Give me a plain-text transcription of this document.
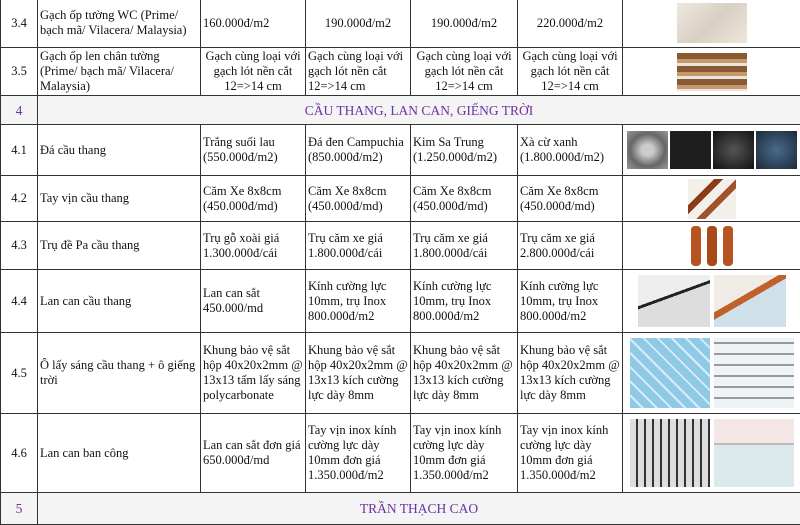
3.4	Gạch ốp tường WC (Prime/ bạch mã/ Vilacera/ Malaysia)	160.000đ/m2	190.000đ/m2	190.000đ/m2	220.000đ/m2	

3.5	Gạch ốp len chân tường (Prime/ bạch mã/ Vilacera/ Malaysia)	Gạch cùng loại với gạch lót nền cắt 12=>14 cm	Gạch cùng loại với gạch lót nền cắt 12=>14 cm	Gạch cùng loại với gạch lót nền cắt 12=>14 cm	Gạch cùng loại với gạch lót nền cắt 12=>14 cm	

4	CẦU THANG, LAN CAN, GIẾNG TRỜI					
4.1	Đá cầu thang	Trắng suối lau (550.000đ/m2)	Đá đen Campuchia (850.000đ/m2)	Kim Sa Trung (1.250.000đ/m2)	Xà cừ xanh (1.800.000đ/m2)	

4.2	Tay vịn cầu thang	Căm Xe 8x8cm (450.000đ/md)	Căm Xe 8x8cm (450.000đ/md)	Căm Xe 8x8cm (450.000đ/md)	Căm Xe 8x8cm (450.000đ/md)	

4.3	Trụ đề Pa cầu thang	Trụ gỗ xoài giá 1.300.000đ/cái	Trụ căm xe giá 1.800.000đ/cái	Trụ căm xe giá 1.800.000đ/cái	Trụ căm xe giá 2.800.000đ/cái	

4.4	Lan can cầu thang	Lan can sắt 450.000/md	Kính cường lực 10mm, trụ Inox 800.000đ/m2	Kính cường lực 10mm, trụ Inox 800.000đ/m2	Kính cường lực 10mm, trụ Inox 800.000đ/m2	

4.5	Ô lấy sáng cầu thang + ô giếng trời	Khung bảo vệ sắt hộp 40x20x2mm @ 13x13 tấm lấy sáng polycarbonate	Khung bảo vệ sắt hộp 40x20x2mm @ 13x13 kích cường lực dày 8mm	Khung bảo vệ sắt hộp 40x20x2mm @ 13x13 kích cường lực dày 8mm	Khung bảo vệ sắt hộp 40x20x2mm @ 13x13 kích cường lực dày 8mm	

4.6	Lan can ban công	Lan can sắt đơn giá 650.000đ/md	Tay vịn inox kính cường lực dày 10mm đơn giá 1.350.000đ/m2	Tay vịn inox kính cường lực dày 10mm đơn giá 1.350.000đ/m2	Tay vịn inox kính cường lực dày 10mm đơn giá 1.350.000đ/m2	

5	TRẦN THẠCH CAO					
